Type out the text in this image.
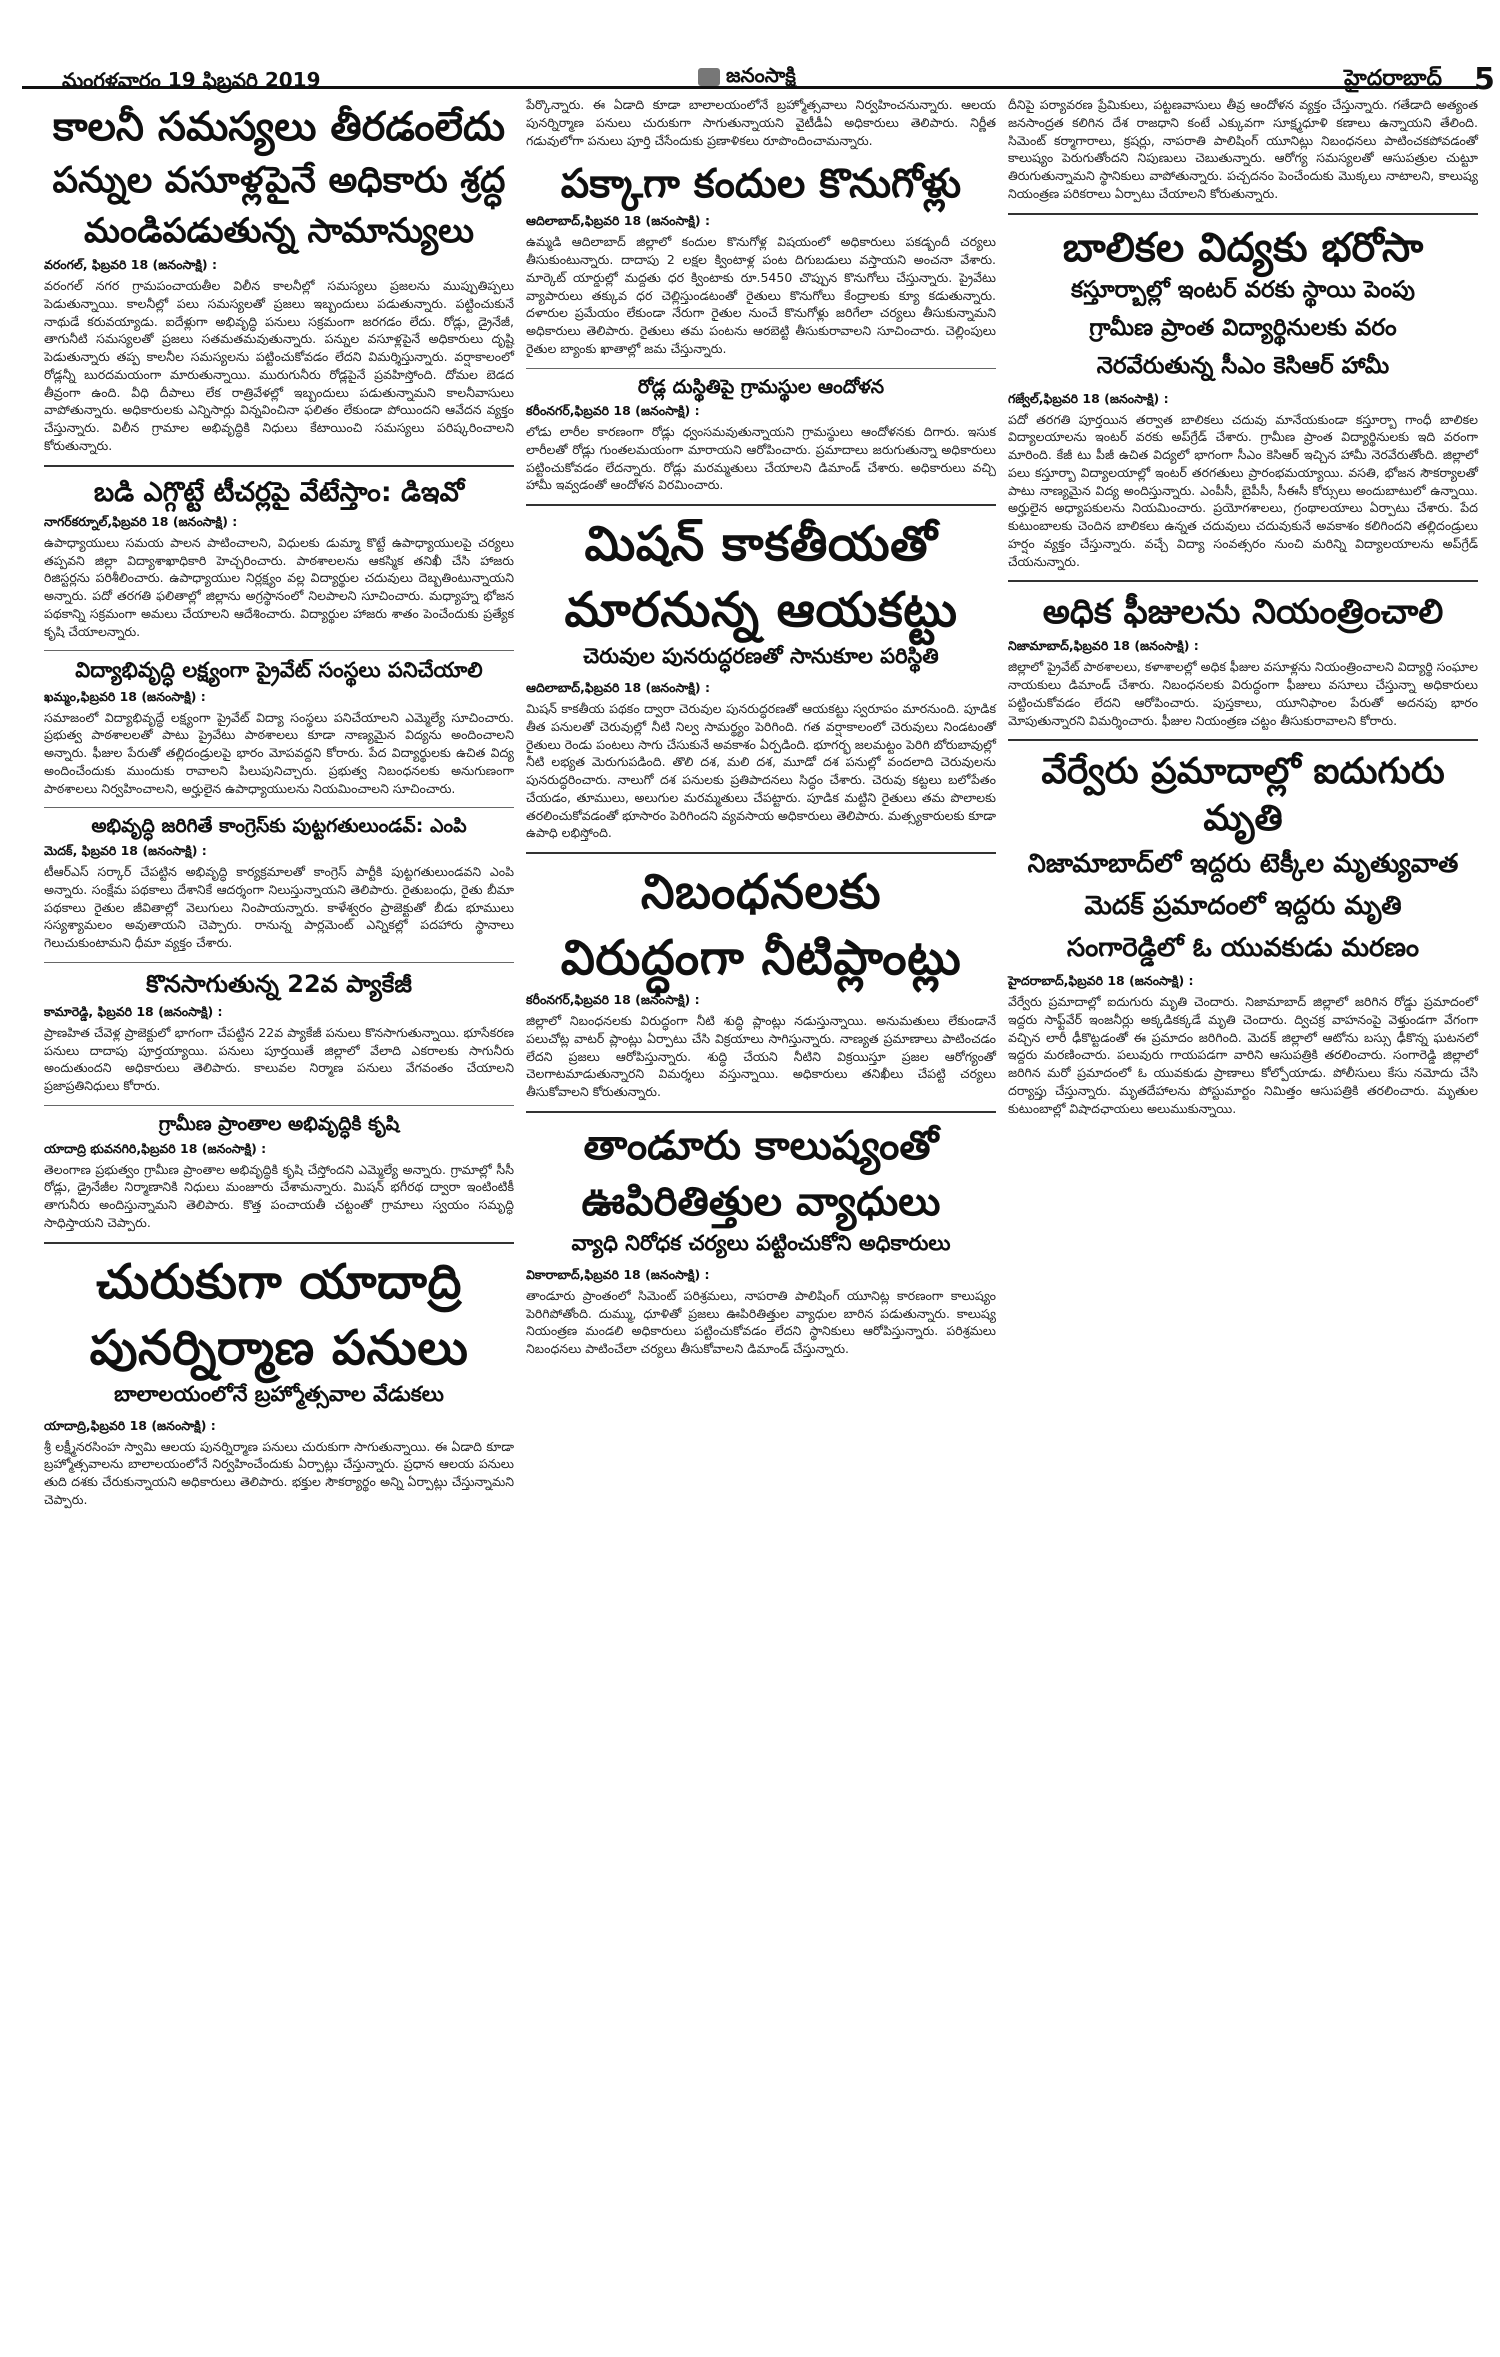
మంగళవారం 19 ఫిబ్రవరి 2019	జనంసాక్షి	హైదరాబాద్ 5
కాలనీ సమస్యలు తీరడంలేదు
పన్నుల వసూళ్లపైనే అధికారు శ్రద్ధ
మండిపడుతున్న సామాన్యులు
వరంగల్, ఫిబ్రవరి 18 (జనంసాక్షి) :
వరంగల్ నగర గ్రామపంచాయతీల విలీన కాలనీల్లో సమస్యలు ప్రజలను ముప్పుతిప్పలు పెడుతున్నాయి. కాలనీల్లో పలు సమస్యలతో ప్రజలు ఇబ్బందులు పడుతున్నారు. పట్టించుకునే నాథుడే కరువయ్యాడు. ఐదేళ్లుగా అభివృద్ధి పనులు సక్రమంగా జరగడం లేదు. రోడ్లు, డ్రైనేజీ, తాగునీటి సమస్యలతో ప్రజలు సతమతమవుతున్నారు. పన్నుల వసూళ్లపైనే అధికారులు దృష్టి పెడుతున్నారు తప్ప కాలనీల సమస్యలను పట్టించుకోవడం లేదని విమర్శిస్తున్నారు. వర్షాకాలంలో రోడ్లన్నీ బురదమయంగా మారుతున్నాయి. మురుగునీరు రోడ్లపైనే ప్రవహిస్తోంది. దోమల బెడద తీవ్రంగా ఉంది. వీధి దీపాలు లేక రాత్రివేళల్లో ఇబ్బందులు పడుతున్నామని కాలనీవాసులు వాపోతున్నారు. అధికారులకు ఎన్నిసార్లు విన్నవించినా ఫలితం లేకుండా పోయిందని ఆవేదన వ్యక్తం చేస్తున్నారు. విలీన గ్రామాల అభివృద్ధికి నిధులు కేటాయించి సమస్యలు పరిష్కరించాలని కోరుతున్నారు.
బడి ఎగ్గొట్టే టీచర్లపై వేటేస్తాం: డిఇవో
నాగర్‌కర్నూల్,ఫిబ్రవరి 18 (జనంసాక్షి) :
ఉపాధ్యాయులు సమయ పాలన పాటించాలని, విధులకు డుమ్మా కొట్టే ఉపాధ్యాయులపై చర్యలు తప్పవని జిల్లా విద్యాశాఖాధికారి హెచ్చరించారు. పాఠశాలలను ఆకస్మిక తనిఖీ చేసి హాజరు రిజిస్టర్లను పరిశీలించారు. ఉపాధ్యాయుల నిర్లక్ష్యం వల్ల విద్యార్థుల చదువులు దెబ్బతింటున్నాయని అన్నారు. పదో తరగతి ఫలితాల్లో జిల్లాను అగ్రస్థానంలో నిలపాలని సూచించారు. మధ్యాహ్న భోజన పథకాన్ని సక్రమంగా అమలు చేయాలని ఆదేశించారు. విద్యార్థుల హాజరు శాతం పెంచేందుకు ప్రత్యేక కృషి చేయాలన్నారు.
విద్యాభివృద్ధి లక్ష్యంగా ప్రైవేట్ సంస్థలు పనిచేయాలి
ఖమ్మం,ఫిబ్రవరి 18 (జనంసాక్షి) :
సమాజంలో విద్యాభివృద్ధే లక్ష్యంగా ప్రైవేట్ విద్యా సంస్థలు పనిచేయాలని ఎమ్మెల్యే సూచించారు. ప్రభుత్వ పాఠశాలలతో పాటు ప్రైవేటు పాఠశాలలు కూడా నాణ్యమైన విద్యను అందించాలని అన్నారు. ఫీజుల పేరుతో తల్లిదండ్రులపై భారం మోపవద్దని కోరారు. పేద విద్యార్థులకు ఉచిత విద్య అందించేందుకు ముందుకు రావాలని పిలుపునిచ్చారు. ప్రభుత్వ నిబంధనలకు అనుగుణంగా పాఠశాలలు నిర్వహించాలని, అర్హులైన ఉపాధ్యాయులను నియమించాలని సూచించారు.
అభివృద్ధి జరిగితే కాంగ్రెస్‌కు పుట్టగతులుండవ్: ఎంపి
మెదక్, ఫిబ్రవరి 18 (జనంసాక్షి) :
టీఆర్‌ఎస్ సర్కార్ చేపట్టిన అభివృద్ధి కార్యక్రమాలతో కాంగ్రెస్ పార్టీకి పుట్టగతులుండవని ఎంపి అన్నారు. సంక్షేమ పథకాలు దేశానికే ఆదర్శంగా నిలుస్తున్నాయని తెలిపారు. రైతుబంధు, రైతు బీమా పథకాలు రైతుల జీవితాల్లో వెలుగులు నింపాయన్నారు. కాళేశ్వరం ప్రాజెక్టుతో బీడు భూములు సస్యశ్యామలం అవుతాయని చెప్పారు. రానున్న పార్లమెంట్ ఎన్నికల్లో పదహారు స్థానాలు గెలుచుకుంటామని ధీమా వ్యక్తం చేశారు.
కొనసాగుతున్న 22వ ప్యాకేజీ
కామారెడ్డి, ఫిబ్రవరి 18 (జనంసాక్షి) :
ప్రాణహిత చేవెళ్ల ప్రాజెక్టులో భాగంగా చేపట్టిన 22వ ప్యాకేజీ పనులు కొనసాగుతున్నాయి. భూసేకరణ పనులు దాదాపు పూర్తయ్యాయి. పనులు పూర్తయితే జిల్లాలో వేలాది ఎకరాలకు సాగునీరు అందుతుందని అధికారులు తెలిపారు. కాలువల నిర్మాణ పనులు వేగవంతం చేయాలని ప్రజాప్రతినిధులు కోరారు.
గ్రామీణ ప్రాంతాల అభివృద్ధికి కృషి
యాదాద్రి భువనగిరి,ఫిబ్రవరి 18 (జనంసాక్షి) :
తెలంగాణ ప్రభుత్వం గ్రామీణ ప్రాంతాల అభివృద్ధికి కృషి చేస్తోందని ఎమ్మెల్యే అన్నారు. గ్రామాల్లో సీసీ రోడ్లు, డ్రైనేజీల నిర్మాణానికి నిధులు మంజూరు చేశామన్నారు. మిషన్ భగీరథ ద్వారా ఇంటింటికీ తాగునీరు అందిస్తున్నామని తెలిపారు. కొత్త పంచాయతీ చట్టంతో గ్రామాలు స్వయం సమృద్ధి సాధిస్తాయని చెప్పారు.
చురుకుగా యాదాద్రి
పునర్నిర్మాణ పనులు
బాలాలయంలోనే బ్రహ్మోత్సవాల వేడుకలు
యాదాద్రి,ఫిబ్రవరి 18 (జనంసాక్షి) :
శ్రీ లక్ష్మీనరసింహ స్వామి ఆలయ పునర్నిర్మాణ పనులు చురుకుగా సాగుతున్నాయి. ఈ ఏడాది కూడా బ్రహ్మోత్సవాలను బాలాలయంలోనే నిర్వహించేందుకు ఏర్పాట్లు చేస్తున్నారు. ప్రధాన ఆలయ పనులు తుది దశకు చేరుకున్నాయని అధికారులు తెలిపారు. భక్తుల సౌకర్యార్థం అన్ని ఏర్పాట్లు చేస్తున్నామని చెప్పారు.
పేర్కొన్నారు. ఈ ఏడాది కూడా బాలాలయంలోనే బ్రహ్మోత్సవాలు నిర్వహించనున్నారు. ఆలయ పునర్నిర్మాణ పనులు చురుకుగా సాగుతున్నాయని వైటీడీఏ అధికారులు తెలిపారు. నిర్ణీత గడువులోగా పనులు పూర్తి చేసేందుకు ప్రణాళికలు రూపొందించామన్నారు.
పక్కాగా కందుల కొనుగోళ్లు
ఆదిలాబాద్,ఫిబ్రవరి 18 (జనంసాక్షి) :
ఉమ్మడి ఆదిలాబాద్ జిల్లాలో కందుల కొనుగోళ్ల విషయంలో అధికారులు పకడ్బందీ చర్యలు తీసుకుంటున్నారు. దాదాపు 2 లక్షల క్వింటాళ్ల పంట దిగుబడులు వస్తాయని అంచనా వేశారు. మార్కెట్ యార్డుల్లో మద్దతు ధర క్వింటాకు రూ.5450 చొప్పున కొనుగోలు చేస్తున్నారు. ప్రైవేటు వ్యాపారులు తక్కువ ధర చెల్లిస్తుండటంతో రైతులు కొనుగోలు కేంద్రాలకు క్యూ కడుతున్నారు. దళారుల ప్రమేయం లేకుండా నేరుగా రైతుల నుంచే కొనుగోళ్లు జరిగేలా చర్యలు తీసుకున్నామని అధికారులు తెలిపారు. రైతులు తమ పంటను ఆరబెట్టి తీసుకురావాలని సూచించారు. చెల్లింపులు రైతుల బ్యాంకు ఖాతాల్లో జమ చేస్తున్నారు.
రోడ్ల దుస్థితిపై గ్రామస్థుల ఆందోళన
కరీంనగర్,ఫిబ్రవరి 18 (జనంసాక్షి) :
లోడు లారీల కారణంగా రోడ్లు ధ్వంసమవుతున్నాయని గ్రామస్థులు ఆందోళనకు దిగారు. ఇసుక లారీలతో రోడ్లు గుంతలమయంగా మారాయని ఆరోపించారు. ప్రమాదాలు జరుగుతున్నా అధికారులు పట్టించుకోవడం లేదన్నారు. రోడ్లు మరమ్మతులు చేయాలని డిమాండ్ చేశారు. అధికారులు వచ్చి హామీ ఇవ్వడంతో ఆందోళన విరమించారు.
మిషన్ కాకతీయతో
మారనున్న ఆయకట్టు
చెరువుల పునరుద్ధరణతో సానుకూల పరిస్థితి
ఆదిలాబాద్,ఫిబ్రవరి 18 (జనంసాక్షి) :
మిషన్ కాకతీయ పథకం ద్వారా చెరువుల పునరుద్ధరణతో ఆయకట్టు స్వరూపం మారనుంది. పూడిక తీత పనులతో చెరువుల్లో నీటి నిల్వ సామర్థ్యం పెరిగింది. గత వర్షాకాలంలో చెరువులు నిండటంతో రైతులు రెండు పంటలు సాగు చేసుకునే అవకాశం ఏర్పడింది. భూగర్భ జలమట్టం పెరిగి బోరుబావుల్లో నీటి లభ్యత మెరుగుపడింది. తొలి దశ, మలి దశ, మూడో దశ పనుల్లో వందలాది చెరువులను పునరుద్ధరించారు. నాలుగో దశ పనులకు ప్రతిపాదనలు సిద్ధం చేశారు. చెరువు కట్టలు బలోపేతం చేయడం, తూములు, అలుగుల మరమ్మతులు చేపట్టారు. పూడిక మట్టిని రైతులు తమ పొలాలకు తరలించుకోవడంతో భూసారం పెరిగిందని వ్యవసాయ అధికారులు తెలిపారు. మత్స్యకారులకు కూడా ఉపాధి లభిస్తోంది.
నిబంధనలకు
విరుద్ధంగా నీటిప్లాంట్లు
కరీంనగర్,ఫిబ్రవరి 18 (జనంసాక్షి) :
జిల్లాలో నిబంధనలకు విరుద్ధంగా నీటి శుద్ధి ప్లాంట్లు నడుస్తున్నాయి. అనుమతులు లేకుండానే పలుచోట్ల వాటర్ ప్లాంట్లు ఏర్పాటు చేసి విక్రయాలు సాగిస్తున్నారు. నాణ్యత ప్రమాణాలు పాటించడం లేదని ప్రజలు ఆరోపిస్తున్నారు. శుద్ధి చేయని నీటిని విక్రయిస్తూ ప్రజల ఆరోగ్యంతో చెలగాటమాడుతున్నారని విమర్శలు వస్తున్నాయి. అధికారులు తనిఖీలు చేపట్టి చర్యలు తీసుకోవాలని కోరుతున్నారు.
తాండూరు కాలుష్యంతో
ఊపిరితిత్తుల వ్యాధులు
వ్యాధి నిరోధక చర్యలు పట్టించుకోని అధికారులు
వికారాబాద్,ఫిబ్రవరి 18 (జనంసాక్షి) :
తాండూరు ప్రాంతంలో సిమెంట్ పరిశ్రమలు, నాపరాతి పాలిషింగ్ యూనిట్ల కారణంగా కాలుష్యం పెరిగిపోతోంది. దుమ్ము, ధూళితో ప్రజలు ఊపిరితిత్తుల వ్యాధుల బారిన పడుతున్నారు. కాలుష్య నియంత్రణ మండలి అధికారులు పట్టించుకోవడం లేదని స్థానికులు ఆరోపిస్తున్నారు. పరిశ్రమలు నిబంధనలు పాటించేలా చర్యలు తీసుకోవాలని డిమాండ్ చేస్తున్నారు.
దీనిపై పర్యావరణ ప్రేమికులు, పట్టణవాసులు తీవ్ర ఆందోళన వ్యక్తం చేస్తున్నారు. గతేడాది అత్యంత జనసాంద్రత కలిగిన దేశ రాజధాని కంటే ఎక్కువగా సూక్ష్మధూళి కణాలు ఉన్నాయని తేలింది. సిమెంట్ కర్మాగారాలు, క్రషర్లు, నాపరాతి పాలిషింగ్ యూనిట్లు నిబంధనలు పాటించకపోవడంతో కాలుష్యం పెరుగుతోందని నిపుణులు చెబుతున్నారు. ఆరోగ్య సమస్యలతో ఆసుపత్రుల చుట్టూ తిరుగుతున్నామని స్థానికులు వాపోతున్నారు. పచ్చదనం పెంచేందుకు మొక్కలు నాటాలని, కాలుష్య నియంత్రణ పరికరాలు ఏర్పాటు చేయాలని కోరుతున్నారు.
బాలికల విద్యకు భరోసా
కస్తూర్బాల్లో ఇంటర్ వరకు స్థాయి పెంపు
గ్రామీణ ప్రాంత విద్యార్థినులకు వరం
నెరవేరుతున్న సీఎం కెసిఆర్ హామీ
గజ్వేల్,ఫిబ్రవరి 18 (జనంసాక్షి) :
పదో తరగతి పూర్తయిన తర్వాత బాలికలు చదువు మానేయకుండా కస్తూర్బా గాంధీ బాలికల విద్యాలయాలను ఇంటర్ వరకు అప్‌గ్రేడ్ చేశారు. గ్రామీణ ప్రాంత విద్యార్థినులకు ఇది వరంగా మారింది. కేజీ టు పీజీ ఉచిత విద్యలో భాగంగా సీఎం కెసిఆర్ ఇచ్చిన హామీ నెరవేరుతోంది. జిల్లాలో పలు కస్తూర్బా విద్యాలయాల్లో ఇంటర్ తరగతులు ప్రారంభమయ్యాయి. వసతి, భోజన సౌకర్యాలతో పాటు నాణ్యమైన విద్య అందిస్తున్నారు. ఎంపీసీ, బైపీసీ, సీఈసీ కోర్సులు అందుబాటులో ఉన్నాయి. అర్హులైన అధ్యాపకులను నియమించారు. ప్రయోగశాలలు, గ్రంథాలయాలు ఏర్పాటు చేశారు. పేద కుటుంబాలకు చెందిన బాలికలు ఉన్నత చదువులు చదువుకునే అవకాశం కలిగిందని తల్లిదండ్రులు హర్షం వ్యక్తం చేస్తున్నారు. వచ్చే విద్యా సంవత్సరం నుంచి మరిన్ని విద్యాలయాలను అప్‌గ్రేడ్ చేయనున్నారు.
అధిక ఫీజులను నియంత్రించాలి
నిజామాబాద్,ఫిబ్రవరి 18 (జనంసాక్షి) :
జిల్లాలో ప్రైవేట్ పాఠశాలలు, కళాశాలల్లో అధిక ఫీజుల వసూళ్లను నియంత్రించాలని విద్యార్థి సంఘాల నాయకులు డిమాండ్ చేశారు. నిబంధనలకు విరుద్ధంగా ఫీజులు వసూలు చేస్తున్నా అధికారులు పట్టించుకోవడం లేదని ఆరోపించారు. పుస్తకాలు, యూనిఫాంల పేరుతో అదనపు భారం మోపుతున్నారని విమర్శించారు. ఫీజుల నియంత్రణ చట్టం తీసుకురావాలని కోరారు.
వేర్వేరు ప్రమాదాల్లో ఐదుగురు మృతి
నిజామాబాద్‌లో ఇద్దరు టెక్కీల మృత్యువాత
మెదక్ ప్రమాదంలో ఇద్దరు మృతి
సంగారెడ్డిలో ఓ యువకుడు మరణం
హైదరాబాద్,ఫిబ్రవరి 18 (జనంసాక్షి) :
వేర్వేరు ప్రమాదాల్లో ఐదుగురు మృతి చెందారు. నిజామాబాద్ జిల్లాలో జరిగిన రోడ్డు ప్రమాదంలో ఇద్దరు సాఫ్ట్‌వేర్ ఇంజనీర్లు అక్కడికక్కడే మృతి చెందారు. ద్విచక్ర వాహనంపై వెళ్తుండగా వేగంగా వచ్చిన లారీ ఢీకొట్టడంతో ఈ ప్రమాదం జరిగింది. మెదక్ జిల్లాలో ఆటోను బస్సు ఢీకొన్న ఘటనలో ఇద్దరు మరణించారు. పలువురు గాయపడగా వారిని ఆసుపత్రికి తరలించారు. సంగారెడ్డి జిల్లాలో జరిగిన మరో ప్రమాదంలో ఓ యువకుడు ప్రాణాలు కోల్పోయాడు. పోలీసులు కేసు నమోదు చేసి దర్యాప్తు చేస్తున్నారు. మృతదేహాలను పోస్టుమార్టం నిమిత్తం ఆసుపత్రికి తరలించారు. మృతుల కుటుంబాల్లో విషాదఛాయలు అలుముకున్నాయి.
